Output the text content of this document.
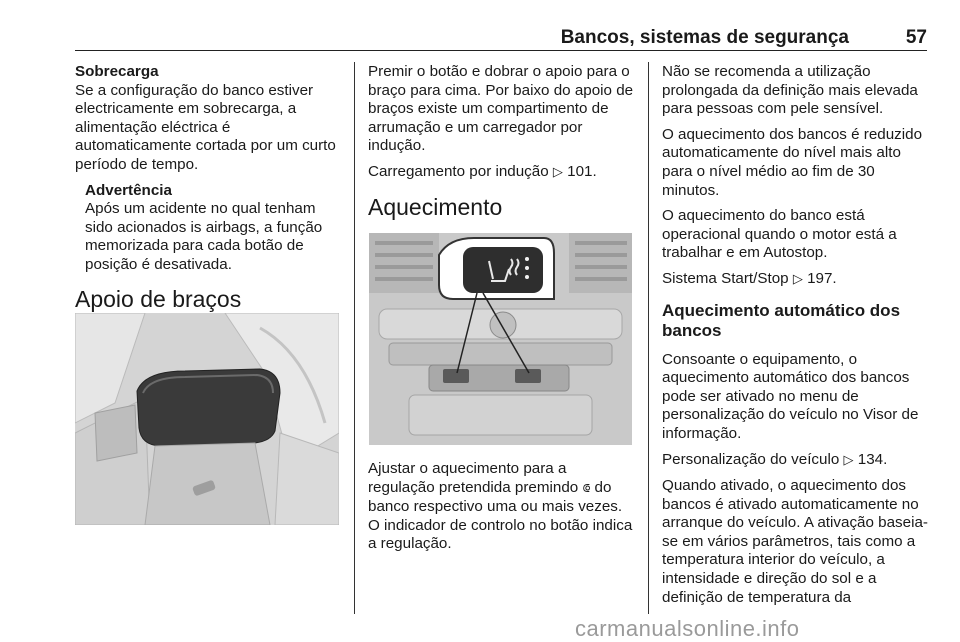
Bancos, sistemas de segurança	57

Sobrecarga

Se a configuração do banco estiver electricamente em sobrecarga, a alimentação eléctrica é automaticamente cortada por um curto período de tempo.

Advertência
Após um acidente no qual tenham sido acionados is airbags, a função memorizada para cada botão de posição é desativada.
Apoio de braços

Premir o botão e dobrar o apoio para o braço para cima. Por baixo do apoio de braços existe um compartimento de arrumação e um carregador por indução.

Carregamento por indução ▷ 101.

Aquecimento

Ajustar o aquecimento para a regulação pretendida premindo ⟃ do banco respectivo uma ou mais vezes. O indicador de controlo no botão indica a regulação.

Não se recomenda a utilização prolongada da definição mais elevada para pessoas com pele sensível.

O aquecimento dos bancos é reduzido automaticamente do nível mais alto para o nível médio ao fim de 30 minutos.

O aquecimento do banco está operacional quando o motor está a trabalhar e em Autostop.

Sistema Start/Stop ▷ 197.

Aquecimento automático dos bancos

Consoante o equipamento, o aquecimento automático dos bancos pode ser ativado no menu de personalização do veículo no Visor de informação.

Personalização do veículo ▷ 134.

Quando ativado, o aquecimento dos bancos é ativado automaticamente no arranque do veículo. A ativação baseia-se em vários parâmetros, tais como a temperatura interior do veículo, a intensidade e direção do sol e a definição de temperatura da

carmanualsonline.info
